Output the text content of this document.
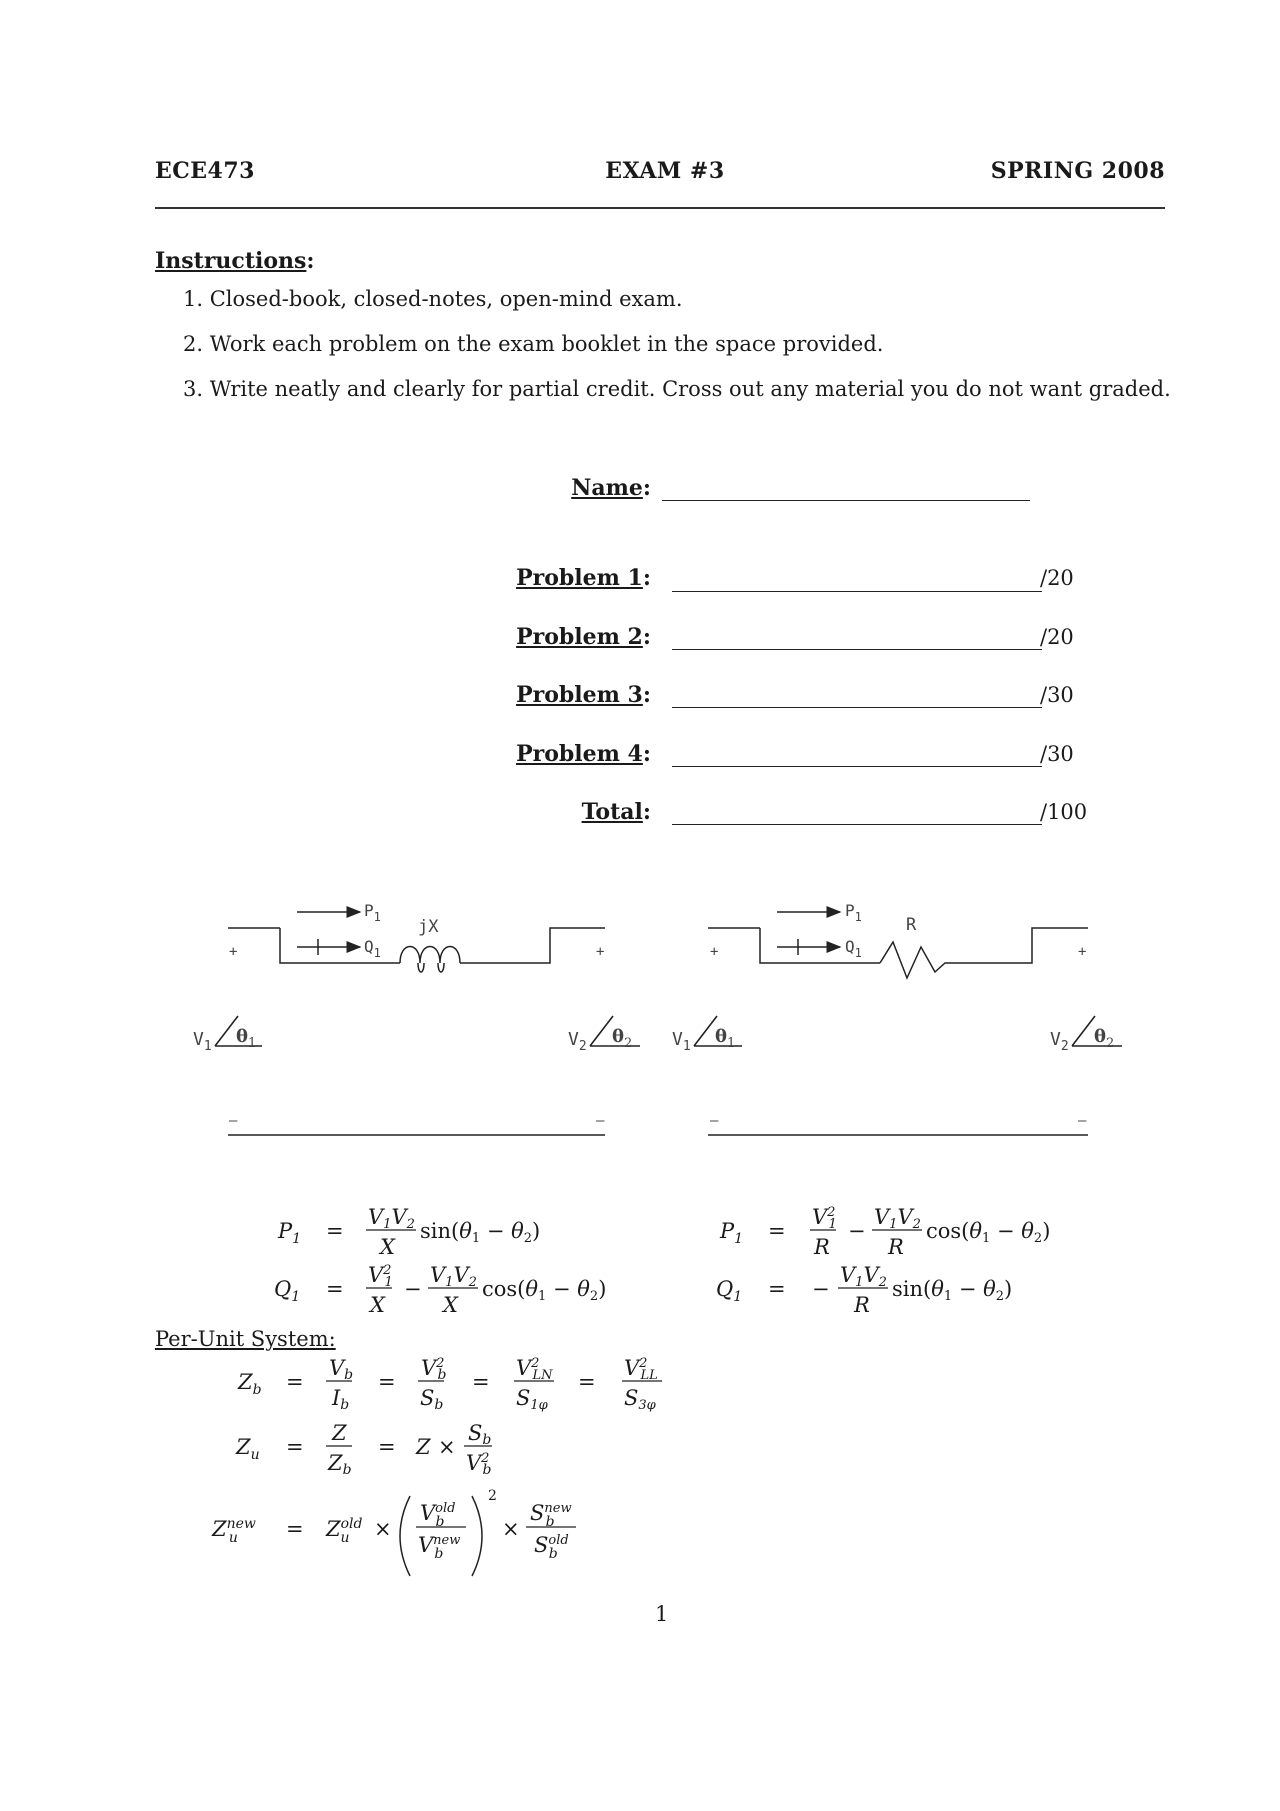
ECE473	EXAM #3	SPRING 2008
Instructions:
1. Closed-book, closed-notes, open-mind exam.
2. Work each problem on the exam booklet in the space provided.
3. Write neatly and clearly for partial credit. Cross out any material you do not want graded.
Name:
Problem 1:	/20
Problem 2:	/20
Problem 3:	/30
Problem 4:	/30
Total:	/100
$P_1$
$Q_1$
jX
+	+
–	–
$V_1$ $\theta_1$	$V_2$ $\theta_2$
$P_1$
$Q_1$
R
+	+
–	–
$V_1$ $\theta_1$	$V_2$ $\theta_2$
$P_1$ =
V1V2
X
sin(θ1 − θ2)
$Q_1$ =
$V^2$ 1
X
−
V1V2
X
cos(θ1 − θ2)
$P_1$ =
$V^2$ 1
R
−
V1V2
R
cos(θ1 − θ2)
$Q_1$ = −
V1V2
R
sin(θ1 − θ2)
Per-Unit System:
$Z_b$ =
Vb
Ib
=
$V^2$ b
Sb
=
$V^2$ LN
S1φ
=
$V^2$ LL
S3φ
$Z_u$ =
Z
Zb
= Z ×
Sb
$V^2$ b
$Z^{new}$ u	= $Z^{old}$ u	×
$V^{old}$ b
$V^{new}$ b
2
×
$S^{new}$ b
$S^{old}$ b
1
